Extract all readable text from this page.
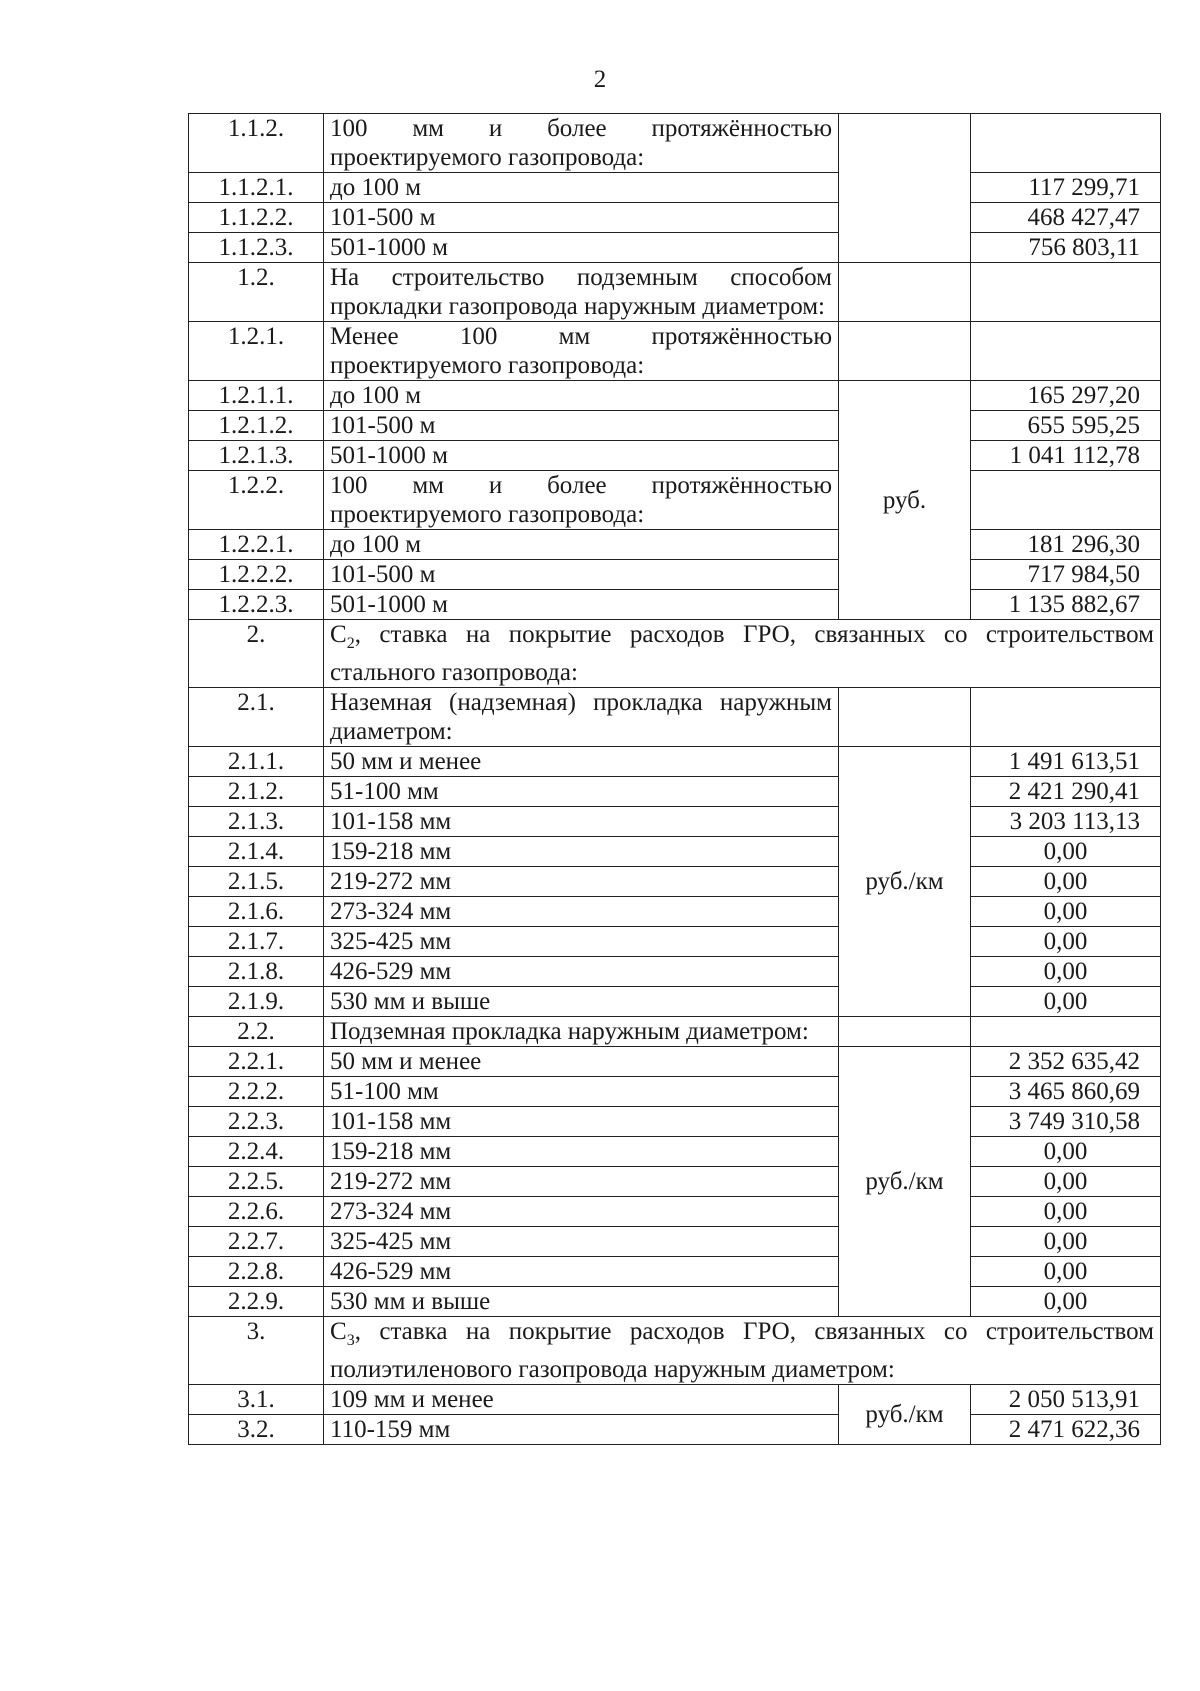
2
1.1.2.	100 мм и более протяжённостью проектируемого газопровода:		
1.1.2.1.	до 100 м		117 299,71
1.1.2.2.	101-500 м		468 427,47
1.1.2.3.	501-1000 м		756 803,11
1.2.	На строительство подземным способом прокладки газопровода наружным диаметром:		
1.2.1.	Менее 100 мм протяжённостью проектируемого газопровода:		
1.2.1.1.	до 100 м	руб.	165 297,20
1.2.1.2.	101-500 м		655 595,25
1.2.1.3.	501-1000 м		1 041 112,78
1.2.2.	100 мм и более протяжённостью проектируемого газопровода:		
1.2.2.1.	до 100 м		181 296,30
1.2.2.2.	101-500 м		717 984,50
1.2.2.3.	501-1000 м		1 135 882,67
2.	$С_2$, ставка на покрытие расходов ГРО, связанных со строительством стального газопровода:		
2.1.	Наземная (надземная) прокладка наружным диаметром:		
2.1.1.	50 мм и менее	руб./км	1 491 613,51
2.1.2.	51-100 мм		2 421 290,41
2.1.3.	101-158 мм		3 203 113,13
2.1.4.	159-218 мм		0,00
2.1.5.	219-272 мм		0,00
2.1.6.	273-324 мм		0,00
2.1.7.	325-425 мм		0,00
2.1.8.	426-529 мм		0,00
2.1.9.	530 мм и выше		0,00
2.2.	Подземная прокладка наружным диаметром:		
2.2.1.	50 мм и менее	руб./км	2 352 635,42
2.2.2.	51-100 мм		3 465 860,69
2.2.3.	101-158 мм		3 749 310,58
2.2.4.	159-218 мм		0,00
2.2.5.	219-272 мм		0,00
2.2.6.	273-324 мм		0,00
2.2.7.	325-425 мм		0,00
2.2.8.	426-529 мм		0,00
2.2.9.	530 мм и выше		0,00
3.	$С_3$, ставка на покрытие расходов ГРО, связанных со строительством полиэтиленового газопровода наружным диаметром:		
3.1.	109 мм и менее	руб./км	2 050 513,91
3.2.	110-159 мм		2 471 622,36
